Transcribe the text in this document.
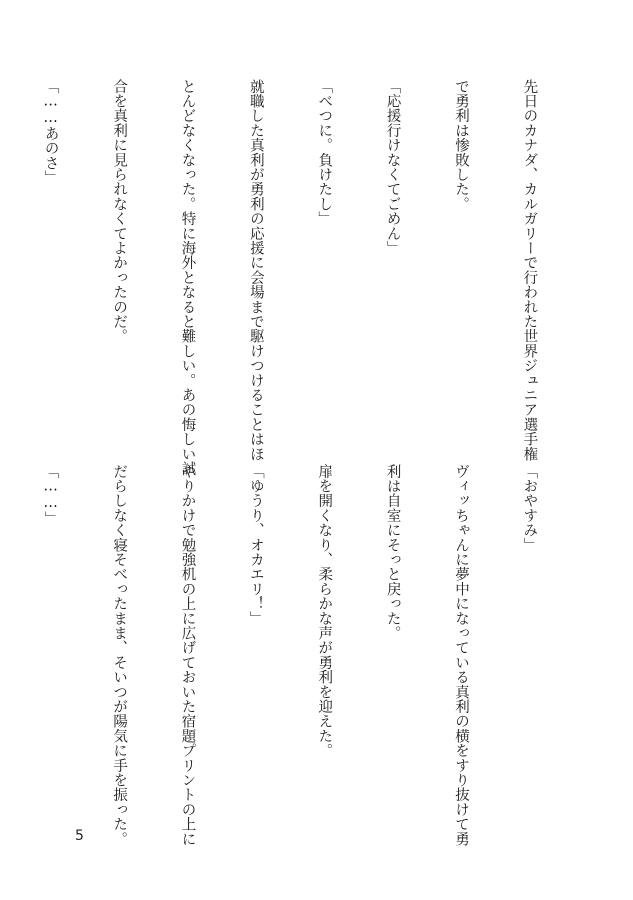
先日のカナダ、カルガリーで行われた世界ジュニア選手権

で勇利は惨敗した。

「応援行けなくてごめん」

「べつに。負けたし」

就職した真利が勇利の応援に会場まで駆けつけることはほ

とんどなくなった。特に海外となると難しい。あの悔しい試

合を真利に見られなくてよかったのだ。

「……あのさ」

「おやすみ」

ヴィッちゃんに夢中になっている真利の横をすり抜けて勇

利は自室にそっと戻った。

扉を開くなり、柔らかな声が勇利を迎えた。

「ゆうり、オカエリ！」

やりかけで勉強机の上に広げておいた宿題プリントの上に

だらしなく寝そべったまま、そいつが陽気に手を振った。

「……」

5
